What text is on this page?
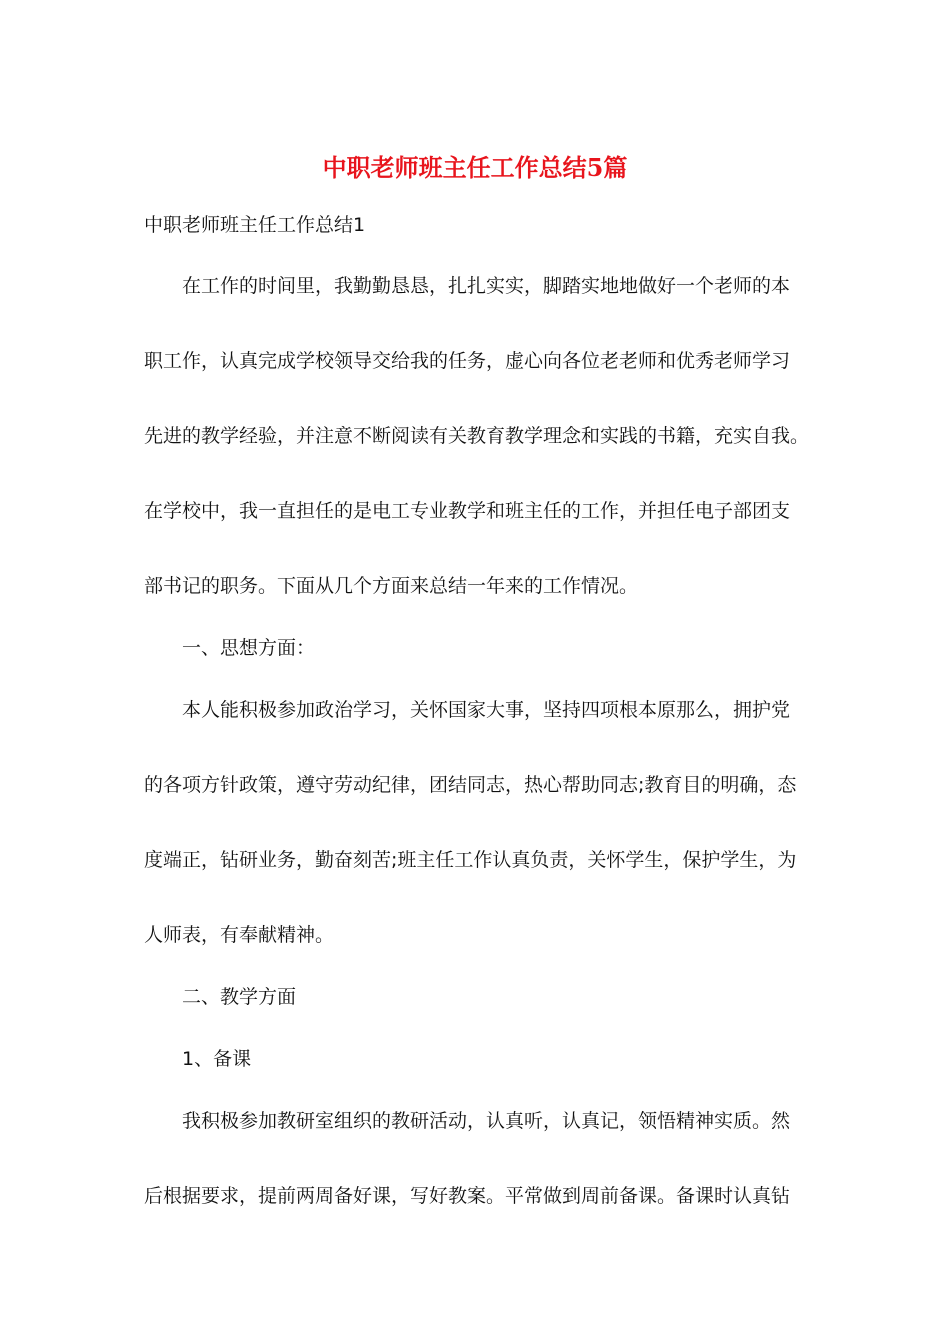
中职老师班主任工作总结5篇
中职老师班主任工作总结1
在工作的时间里，我勤勤恳恳，扎扎实实，脚踏实地地做好一个老师的本
职工作，认真完成学校领导交给我的任务，虚心向各位老老师和优秀老师学习
先进的教学经验，并注意不断阅读有关教育教学理念和实践的书籍，充实自我。
在学校中，我一直担任的是电工专业教学和班主任的工作，并担任电子部团支
部书记的职务。下面从几个方面来总结一年来的工作情况。
一、思想方面：
本人能积极参加政治学习，关怀国家大事，坚持四项根本原那么，拥护党
的各项方针政策，遵守劳动纪律，团结同志，热心帮助同志;教育目的明确，态
度端正，钻研业务，勤奋刻苦;班主任工作认真负责，关怀学生，保护学生，为
人师表，有奉献精神。
二、教学方面
1、备课
我积极参加教研室组织的教研活动，认真听，认真记，领悟精神实质。然
后根据要求，提前两周备好课，写好教案。平常做到周前备课。备课时认真钻
